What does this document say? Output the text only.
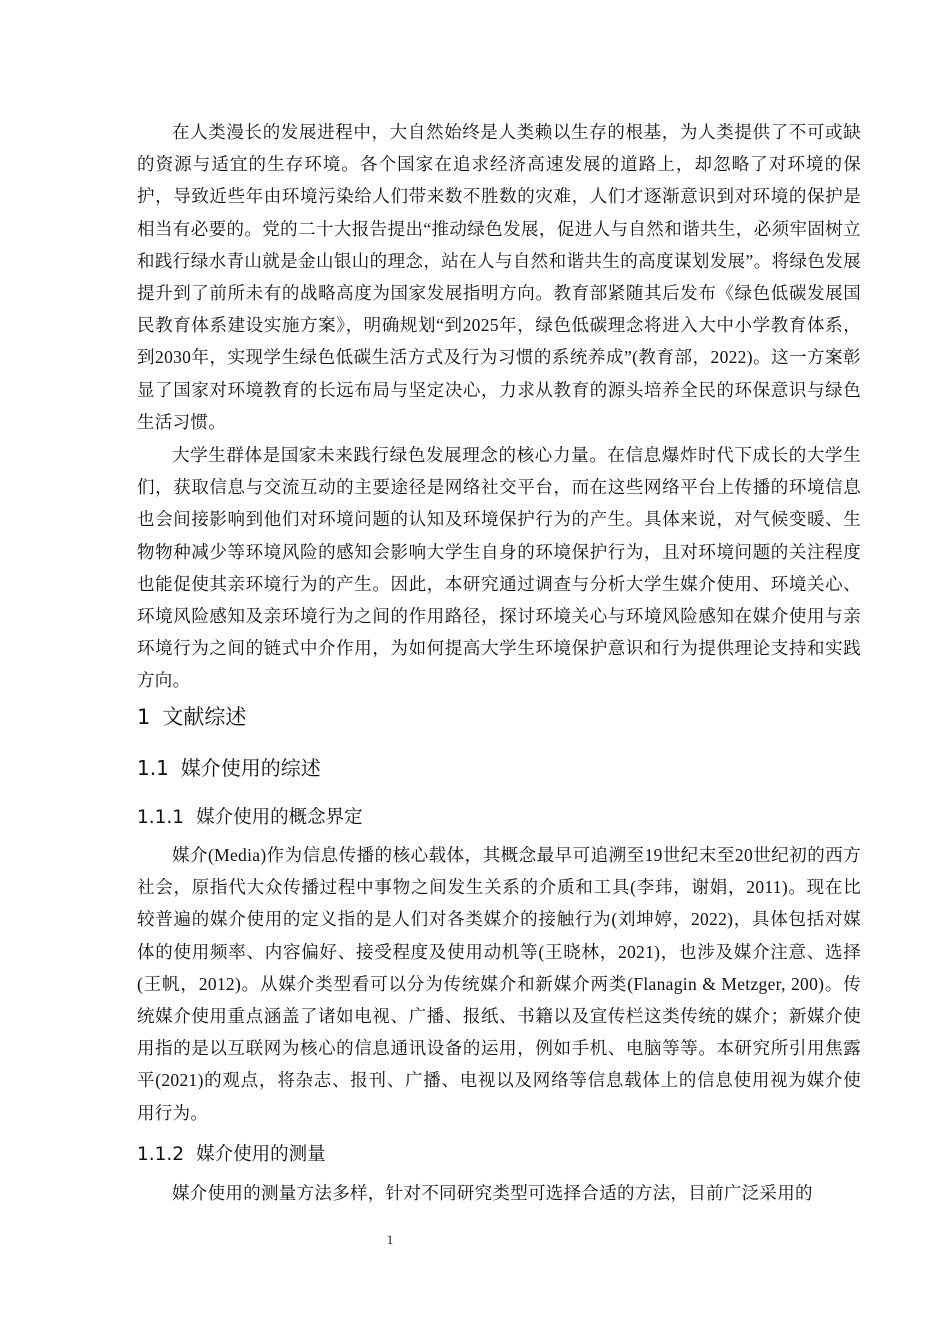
在人类漫长的发展进程中，大自然始终是人类赖以生存的根基，为人类提供了不可或缺的资源与适宜的生存环境。各个国家在追求经济高速发展的道路上，却忽略了对环境的保护，导致近些年由环境污染给人们带来数不胜数的灾难，人们才逐渐意识到对环境的保护是相当有必要的。党的二十大报告提出“推动绿色发展，促进人与自然和谐共生，必须牢固树立和践行绿水青山就是金山银山的理念，站在人与自然和谐共生的高度谋划发展”。将绿色发展提升到了前所未有的战略高度为国家发展指明方向。教育部紧随其后发布《绿色低碳发展国民教育体系建设实施方案》，明确规划“到2025年，绿色低碳理念将进入大中小学教育体系，到2030年，实现学生绿色低碳生活方式及行为习惯的系统养成”(教育部，2022)。这一方案彰显了国家对环境教育的长远布局与坚定决心，力求从教育的源头培养全民的环保意识与绿色生活习惯。

大学生群体是国家未来践行绿色发展理念的核心力量。在信息爆炸时代下成长的大学生们，获取信息与交流互动的主要途径是网络社交平台，而在这些网络平台上传播的环境信息也会间接影响到他们对环境问题的认知及环境保护行为的产生。具体来说，对气候变暖、生物物种减少等环境风险的感知会影响大学生自身的环境保护行为，且对环境问题的关注程度也能促使其亲环境行为的产生。因此，本研究通过调查与分析大学生媒介使用、环境关心、环境风险感知及亲环境行为之间的作用路径，探讨环境关心与环境风险感知在媒介使用与亲环境行为之间的链式中介作用，为如何提高大学生环境保护意识和行为提供理论支持和实践方向。

1 文献综述
1.1 媒介使用的综述
1.1.1 媒介使用的概念界定

媒介(Media)作为信息传播的核心载体，其概念最早可追溯至19世纪末至20世纪初的西方社会，原指代大众传播过程中事物之间发生关系的介质和工具(李玮，谢娟，2011)。现在比较普遍的媒介使用的定义指的是人们对各类媒介的接触行为(刘坤婷，2022)，具体包括对媒体的使用频率、内容偏好、接受程度及使用动机等(王晓林，2021)，也涉及媒介注意、选择(王帆，2012)。从媒介类型看可以分为传统媒介和新媒介两类(Flanagin & Metzger, 200)。传统媒介使用重点涵盖了诸如电视、广播、报纸、书籍以及宣传栏这类传统的媒介；新媒介使用指的是以互联网为核心的信息通讯设备的运用，例如手机、电脑等等。本研究所引用焦露平(2021)的观点，将杂志、报刊、广播、电视以及网络等信息载体上的信息使用视为媒介使用行为。

1.1.2 媒介使用的测量

媒介使用的测量方法多样，针对不同研究类型可选择合适的方法，目前广泛采用的

1
